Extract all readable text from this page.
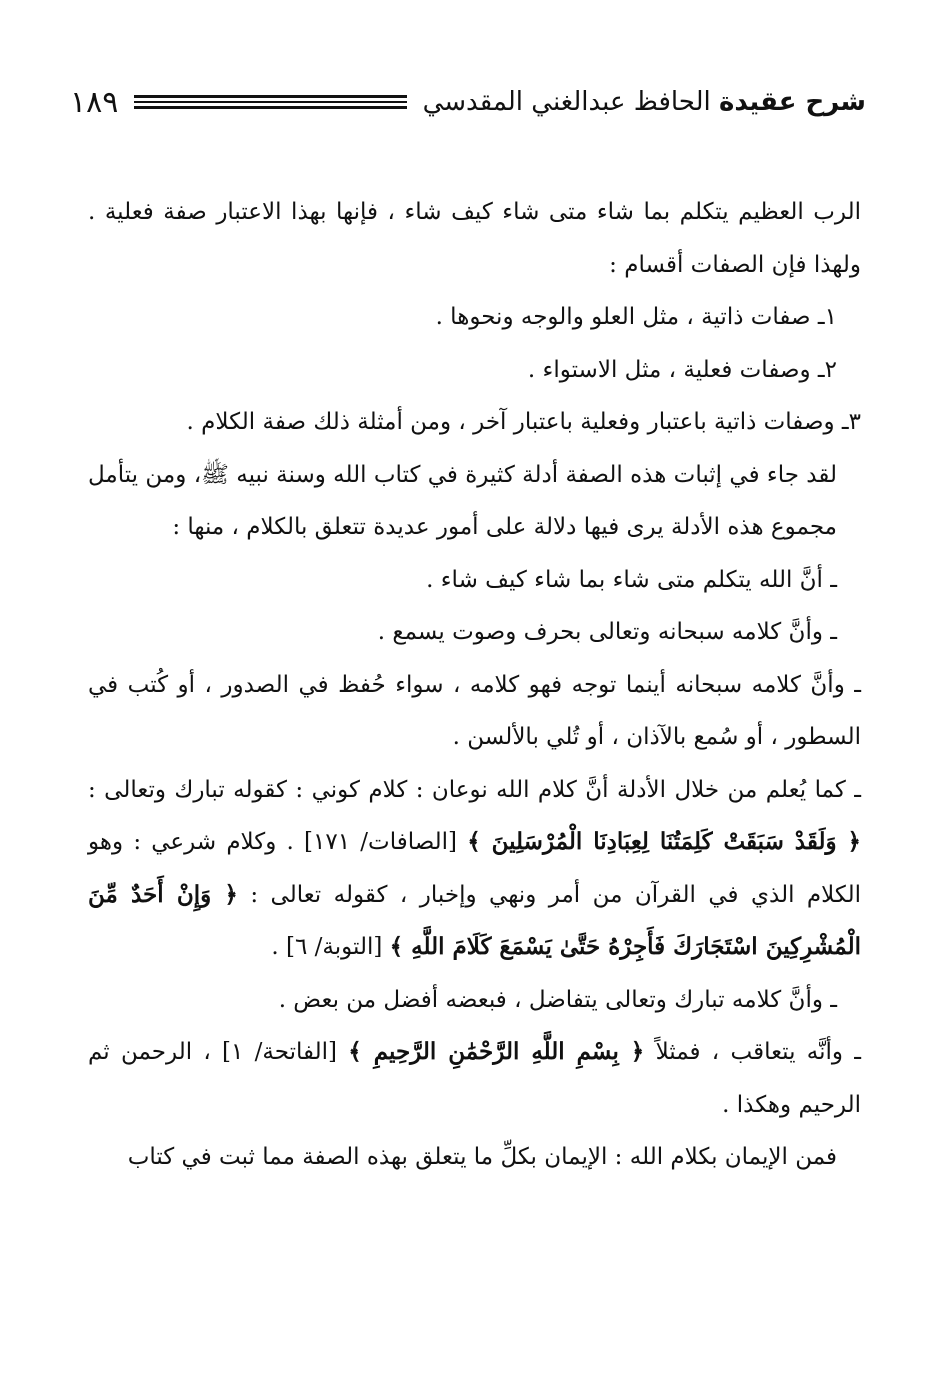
شرح عقيدة الحافظ عبدالغني المقدسي
١٨٩

الرب العظيم يتكلم بما شاء متى شاء كيف شاء ، فإنها بهذا الاعتبار صفة فعلية . ولهذا فإن الصفات أقسام :

١ـ صفات ذاتية ، مثل العلو والوجه ونحوها .

٢ـ وصفات فعلية ، مثل الاستواء .

٣ـ وصفات ذاتية باعتبار وفعلية باعتبار آخر ، ومن أمثلة ذلك صفة الكلام .

لقد جاء في إثبات هذه الصفة أدلة كثيرة في كتاب الله وسنة نبيه ﷺ، ومن يتأمل مجموع هذه الأدلة يرى فيها دلالة على أمور عديدة تتعلق بالكلام ، منها :

ـ أنَّ الله يتكلم متى شاء بما شاء كيف شاء .

ـ وأنَّ كلامه سبحانه وتعالى بحرف وصوت يسمع .

ـ وأنَّ كلامه سبحانه أينما توجه فهو كلامه ، سواء حُفظ في الصدور ، أو كُتب في السطور ، أو سُمع بالآذان ، أو تُلي بالألسن .

ـ كما يُعلم من خلال الأدلة أنَّ كلام الله نوعان : كلام كوني : كقوله تبارك وتعالى : ﴿ وَلَقَدْ سَبَقَتْ كَلِمَتُنَا لِعِبَادِنَا الْمُرْسَلِينَ ﴾ [الصافات/ ١٧١] . وكلام شرعي : وهو الكلام الذي في القرآن من أمر ونهي وإخبار ، كقوله تعالى : ﴿ وَإِنْ أَحَدٌ مِّنَ الْمُشْرِكِينَ اسْتَجَارَكَ فَأَجِرْهُ حَتَّىٰ يَسْمَعَ كَلَامَ اللَّهِ ﴾ [التوبة/ ٦] .

ـ وأنَّ كلامه تبارك وتعالى يتفاضل ، فبعضه أفضل من بعض .

ـ وأنَّه يتعاقب ، فمثلاً ﴿ بِسْمِ اللَّهِ الرَّحْمَٰنِ الرَّحِيمِ ﴾ [الفاتحة/ ١] ، الرحمن ثم الرحيم وهكذا .

فمن الإيمان بكلام الله : الإيمان بكلِّ ما يتعلق بهذه الصفة مما ثبت في كتاب
